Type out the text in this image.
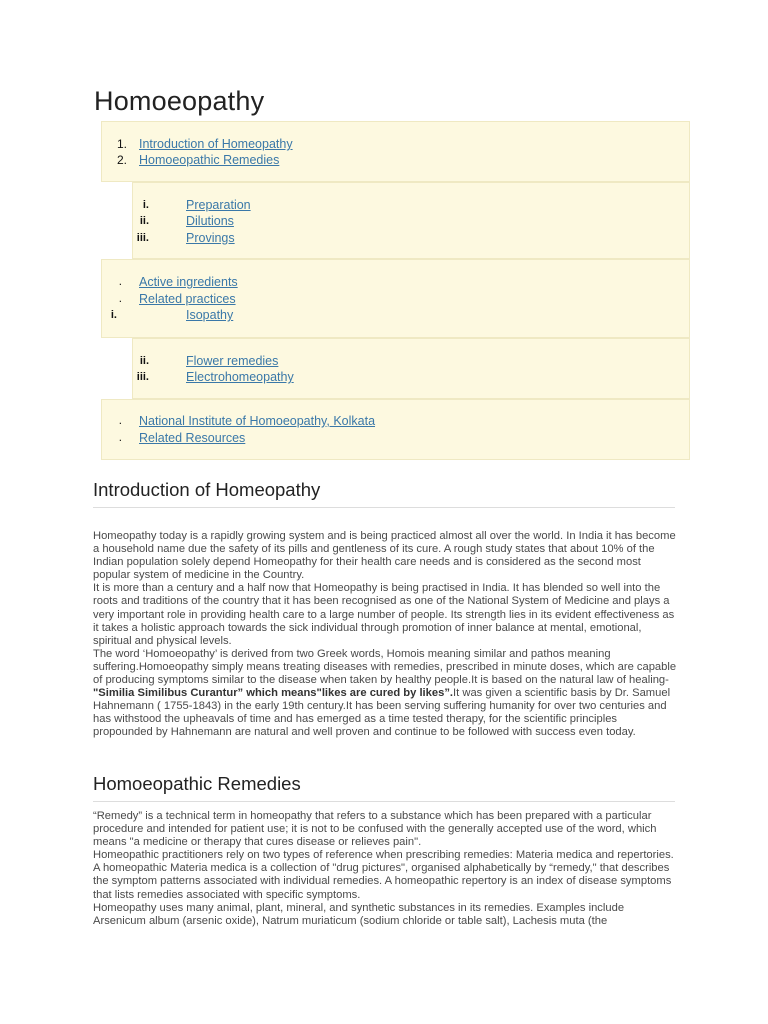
Homoeopathy
1. Introduction of Homeopathy
2. Homoeopathic Remedies
i.	Preparation
ii.	Dilutions
iii.	Provings
. Active ingredients
. Related practices
i.	Isopathy
ii.	Flower remedies
iii.	Electrohomeopathy
. National Institute of Homoeopathy, Kolkata
. Related Resources
Introduction of Homeopathy

Homeopathy today is a rapidly growing system and is being practiced almost all over the world. In India it has become a household name due the safety of its pills and gentleness of its cure. A rough study states that about 10% of the Indian population solely depend Homeopathy for their health care needs and is considered as the second most popular system of medicine in the Country.

It is more than a century and a half now that Homeopathy is being practised in India. It has blended so well into the roots and traditions of the country that it has been recognised as one of the National System of Medicine and plays a very important role in providing health care to a large number of people. Its strength lies in its evident effectiveness as it takes a holistic approach towards the sick individual through promotion of inner balance at mental, emotional, spiritual and physical levels.

The word ‘Homoeopathy’ is derived from two Greek words, Homois meaning similar and pathos meaning suffering.Homoeopathy simply means treating diseases with remedies, prescribed in minute doses, which are capable of producing symptoms similar to the disease when taken by healthy people.It is based on the natural law of healing- "Similia Similibus Curantur” which means"likes are cured by likes”.It was given a scientific basis by Dr. Samuel Hahnemann ( 1755-1843) in the early 19th century.It has been serving suffering humanity for over two centuries and has withstood the upheavals of time and has emerged as a time tested therapy, for the scientific principles propounded by Hahnemann are natural and well proven and continue to be followed with success even today.

Homoeopathic Remedies

“Remedy” is a technical term in homeopathy that refers to a substance which has been prepared with a particular procedure and intended for patient use; it is not to be confused with the generally accepted use of the word, which means "a medicine or therapy that cures disease or relieves pain".

Homeopathic practitioners rely on two types of reference when prescribing remedies: Materia medica and repertories. A homeopathic Materia medica is a collection of "drug pictures", organised alphabetically by “remedy," that describes the symptom patterns associated with individual remedies. A homeopathic repertory is an index of disease symptoms that lists remedies associated with specific symptoms.

Homeopathy uses many animal, plant, mineral, and synthetic substances in its remedies. Examples include Arsenicum album (arsenic oxide), Natrum muriaticum (sodium chloride or table salt), Lachesis muta (the
